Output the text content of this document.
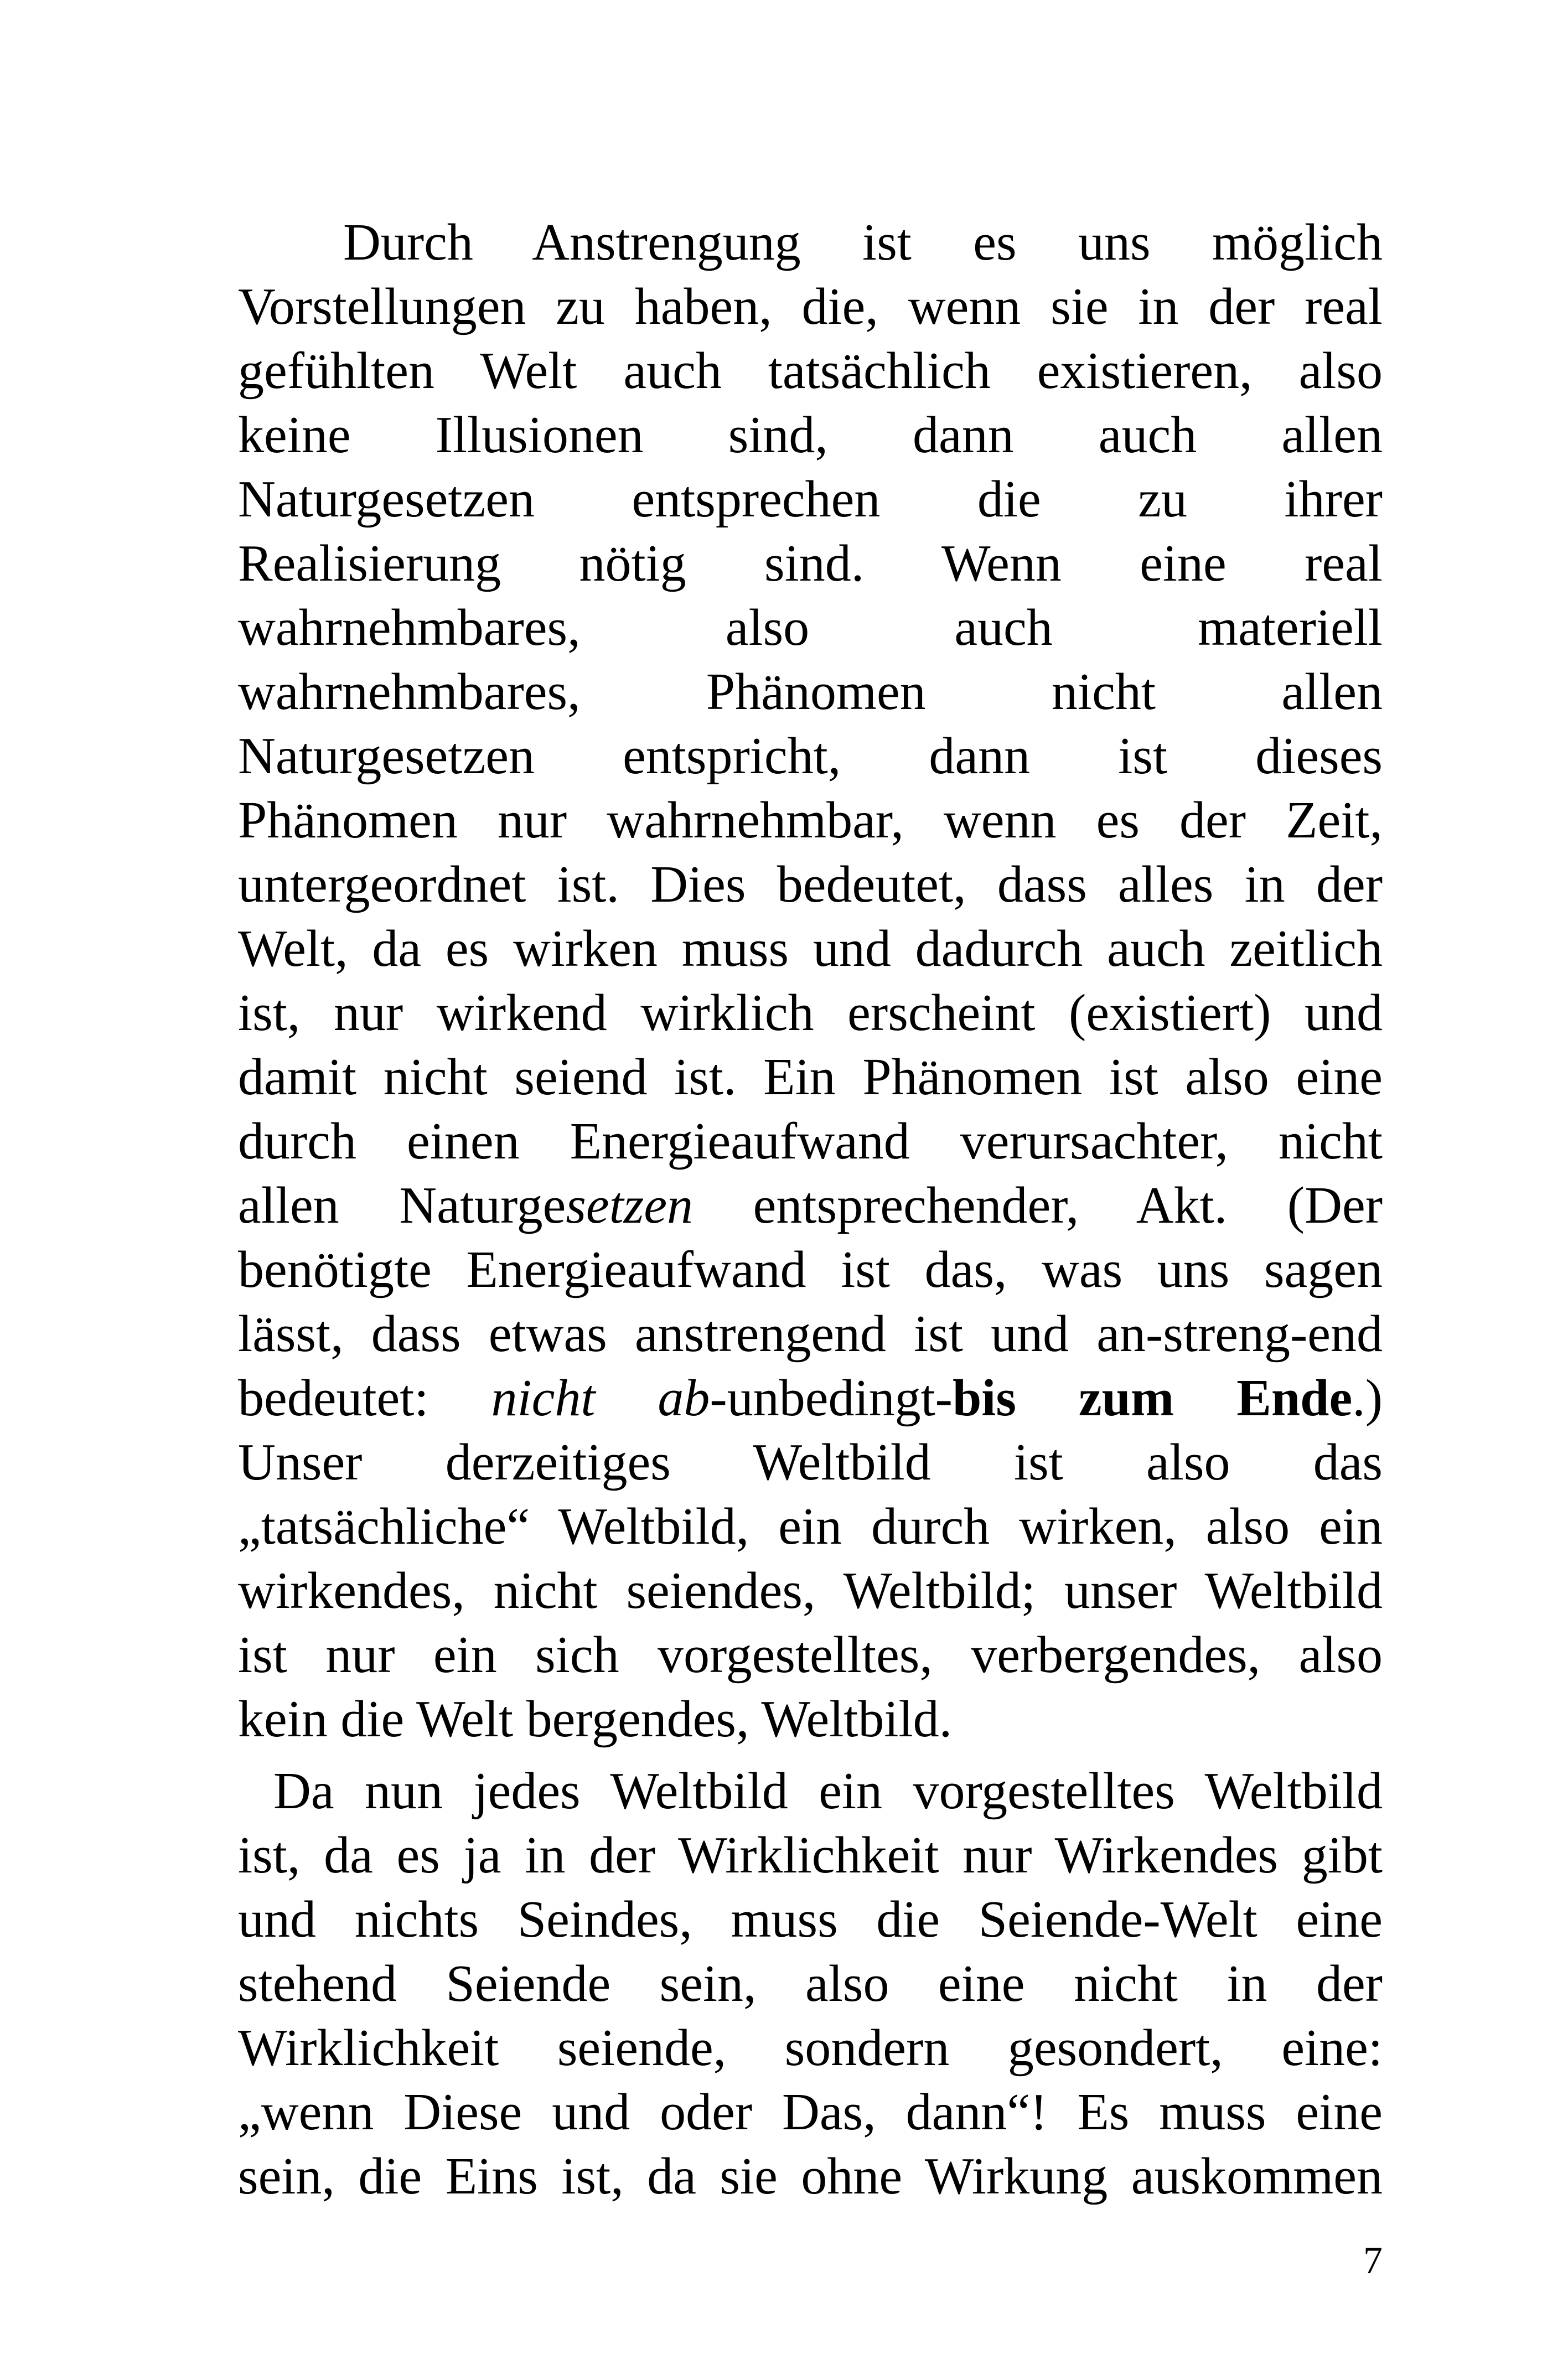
Durch Anstrengung ist es uns möglich
Vorstellungen zu haben, die, wenn sie in der real
gefühlten Welt auch tatsächlich existieren, also
keine Illusionen sind, dann auch allen
Naturgesetzen entsprechen die zu ihrer
Realisierung nötig sind. Wenn eine real
wahrnehmbares, also auch materiell
wahrnehmbares, Phänomen nicht allen
Naturgesetzen entspricht, dann ist dieses
Phänomen nur wahrnehmbar, wenn es der Zeit,
untergeordnet ist. Dies bedeutet, dass alles in der
Welt, da es wirken muss und dadurch auch zeitlich
ist, nur wirkend wirklich erscheint (existiert) und
damit nicht seiend ist. Ein Phänomen ist also eine
durch einen Energieaufwand verursachter, nicht
allen Naturgesetzen entsprechender, Akt. (Der
benötigte Energieaufwand ist das, was uns sagen
lässt, dass etwas anstrengend ist und an-streng-end
bedeutet: nicht ab-unbedingt-bis zum Ende.)
Unser derzeitiges Weltbild ist also das
„tatsächliche“ Weltbild, ein durch wirken, also ein
wirkendes, nicht seiendes, Weltbild; unser Weltbild
ist nur ein sich vorgestelltes, verbergendes, also
kein die Welt bergendes, Weltbild.
Da nun jedes Weltbild ein vorgestelltes Weltbild
ist, da es ja in der Wirklichkeit nur Wirkendes gibt
und nichts Seindes, muss die Seiende-Welt eine
stehend Seiende sein, also eine nicht in der
Wirklichkeit seiende, sondern gesondert, eine:
„wenn Diese und oder Das, dann“! Es muss eine
sein, die Eins ist, da sie ohne Wirkung auskommen
7
